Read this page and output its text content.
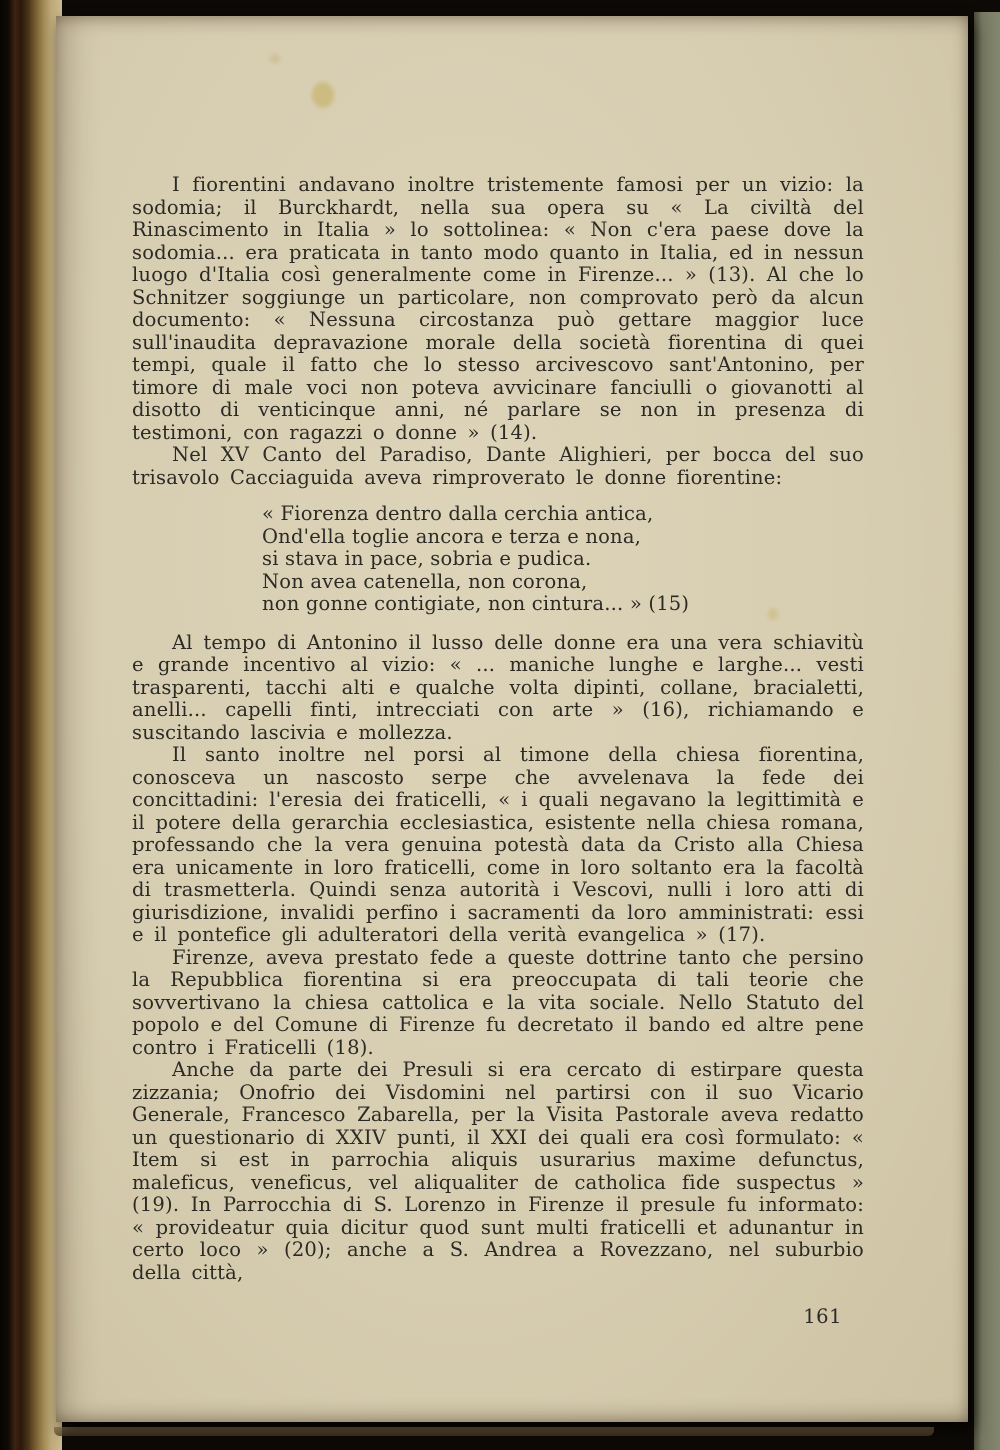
I fiorentini andavano inoltre tristemente famosi per un vizio: la sodomia; il Burckhardt, nella sua opera su « La civiltà del Rinascimento in Italia » lo sottolinea: « Non c'era paese dove la sodomia... era praticata in tanto modo quanto in Italia, ed in nessun luogo d'Italia così generalmente come in Firenze... » (13). Al che lo Schnitzer soggiunge un particolare, non comprovato però da alcun documento: « Nessuna circostanza può gettare maggior luce sull'inaudita depravazione morale della società fiorentina di quei tempi, quale il fatto che lo stesso arcivescovo sant'Antonino, per timore di male voci non poteva avvicinare fanciulli o giovanotti al disotto di venticinque anni, né parlare se non in presenza di testimoni, con ragazzi o donne » (14).

Nel XV Canto del Paradiso, Dante Alighieri, per bocca del suo trisavolo Cacciaguida aveva rimproverato le donne fiorentine:

« Fiorenza dentro dalla cerchia antica,
Ond'ella toglie ancora e terza e nona,
si stava in pace, sobria e pudica.
Non avea catenella, non corona,
non gonne contigiate, non cintura... » (15)

Al tempo di Antonino il lusso delle donne era una vera schiavitù e grande incentivo al vizio: « ... maniche lunghe e larghe... vesti trasparenti, tacchi alti e qualche volta dipinti, collane, bracialetti, anelli... capelli finti, intrecciati con arte » (16), richiamando e suscitando lascivia e mollezza.

Il santo inoltre nel porsi al timone della chiesa fiorentina, conosceva un nascosto serpe che avvelenava la fede dei concittadini: l'eresia dei fraticelli, « i quali negavano la legittimità e il potere della gerarchia ecclesiastica, esistente nella chiesa romana, professando che la vera genuina potestà data da Cristo alla Chiesa era unicamente in loro fraticelli, come in loro soltanto era la facoltà di trasmetterla. Quindi senza autorità i Vescovi, nulli i loro atti di giurisdizione, invalidi perfino i sacramenti da loro amministrati: essi e il pontefice gli adulteratori della verità evangelica » (17).

Firenze, aveva prestato fede a queste dottrine tanto che persino la Repubblica fiorentina si era preoccupata di tali teorie che sovvertivano la chiesa cattolica e la vita sociale. Nello Statuto del popolo e del Comune di Firenze fu decretato il bando ed altre pene contro i Fraticelli (18).

Anche da parte dei Presuli si era cercato di estirpare questa zizzania; Onofrio dei Visdomini nel partirsi con il suo Vicario Generale, Francesco Zabarella, per la Visita Pastorale aveva redatto un questionario di XXIV punti, il XXI dei quali era così formulato: « Item si est in parrochia aliquis usurarius maxime defunctus, maleficus, veneficus, vel aliqualiter de catholica fide suspectus » (19). In Parrocchia di S. Lorenzo in Firenze il presule fu informato: « provideatur quia dicitur quod sunt multi fraticelli et adunantur in certo loco » (20); anche a S. Andrea a Rovezzano, nel suburbio della città,

161
